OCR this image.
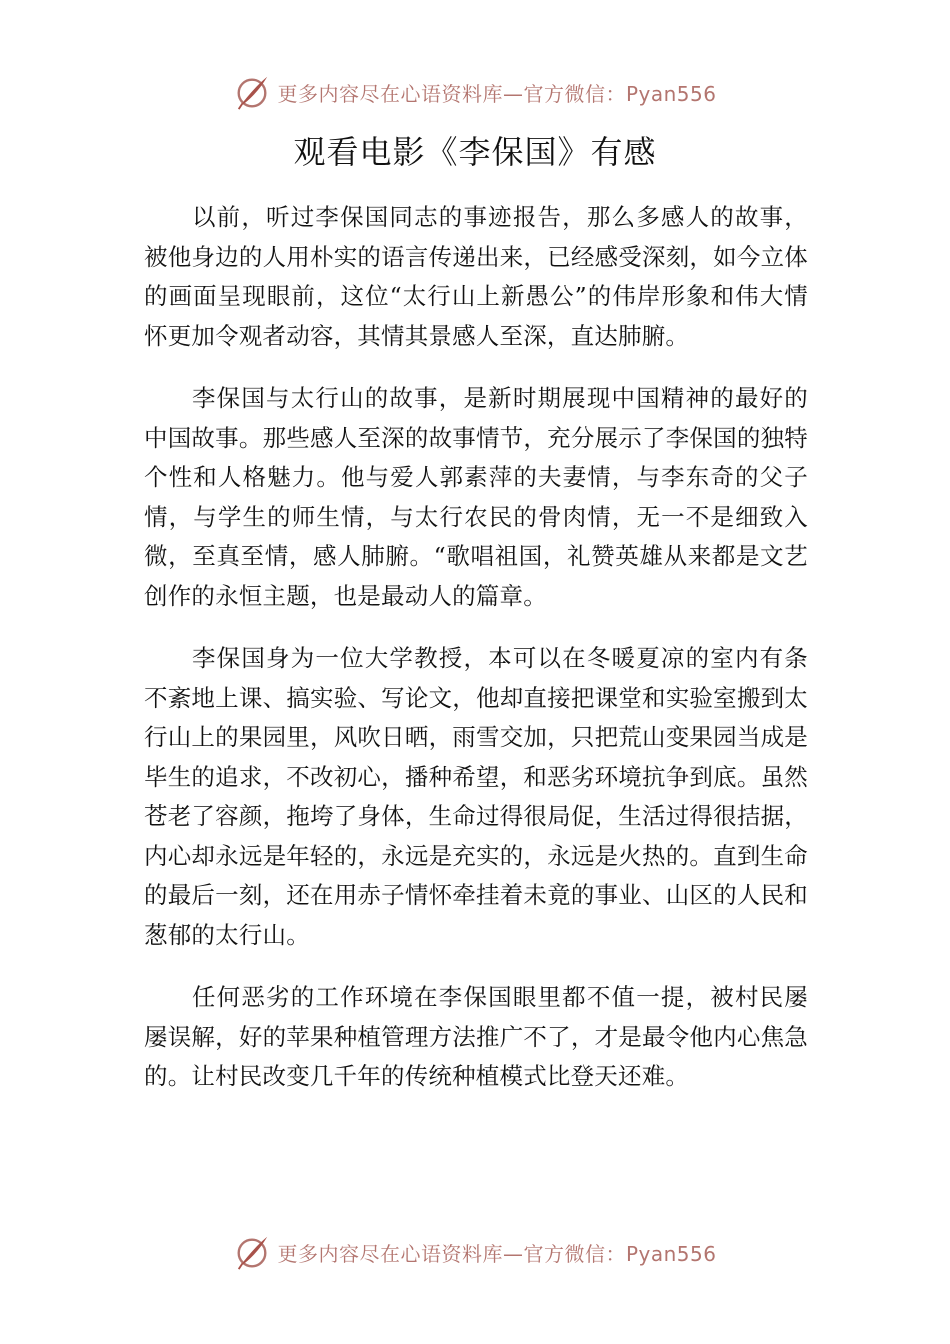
更多内容尽在心语资料库—官方微信：Pyan556
观看电影《李保国》有感

以前，听过李保国同志的事迹报告，那么多感人的故事，被他身边的人用朴实的语言传递出来，已经感受深刻，如今立体的画面呈现眼前，这位“太行山上新愚公”的伟岸形象和伟大情怀更加令观者动容，其情其景感人至深，直达肺腑。

李保国与太行山的故事，是新时期展现中国精神的最好的中国故事。那些感人至深的故事情节，充分展示了李保国的独特个性和人格魅力。他与爱人郭素萍的夫妻情，与李东奇的父子情，与学生的师生情，与太行农民的骨肉情，无一不是细致入微，至真至情，感人肺腑。“歌唱祖国，礼赞英雄从来都是文艺创作的永恒主题，也是最动人的篇章。

李保国身为一位大学教授，本可以在冬暖夏凉的室内有条不紊地上课、搞实验、写论文，他却直接把课堂和实验室搬到太行山上的果园里，风吹日晒，雨雪交加，只把荒山变果园当成是毕生的追求，不改初心，播种希望，和恶劣环境抗争到底。虽然苍老了容颜，拖垮了身体，生命过得很局促，生活过得很拮据，内心却永远是年轻的，永远是充实的，永远是火热的。直到生命的最后一刻，还在用赤子情怀牵挂着未竟的事业、山区的人民和葱郁的太行山。

任何恶劣的工作环境在李保国眼里都不值一提，被村民屡屡误解，好的苹果种植管理方法推广不了，才是最令他内心焦急的。让村民改变几千年的传统种植模式比登天还难。

更多内容尽在心语资料库—官方微信：Pyan556
